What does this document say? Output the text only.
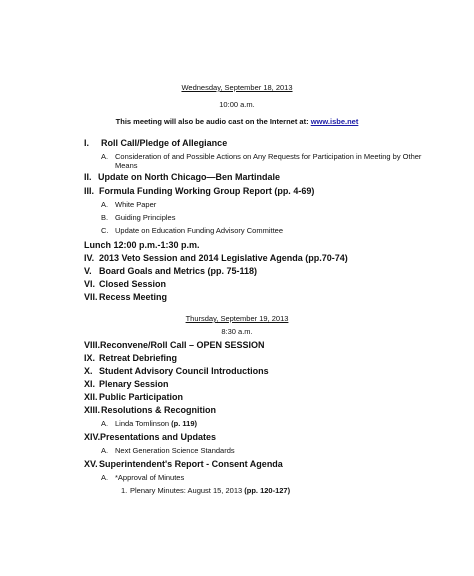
Wednesday, September 18, 2013
10:00 a.m.
This meeting will also be audio cast on the Internet at: www.isbe.net
I. Roll Call/Pledge of Allegiance
A. Consideration of and Possible Actions on Any Requests for Participation in Meeting by Other
Means
II. Update on North Chicago—Ben Martindale
III. Formula Funding Working Group Report (pp. 4-69)
A. White Paper
B. Guiding Principles
C. Update on Education Funding Advisory Committee
Lunch 12:00 p.m.-1:30 p.m.
IV. 2013 Veto Session and 2014 Legislative Agenda (pp.70-74)
V. Board Goals and Metrics (pp. 75-118)
VI. Closed Session
VII. Recess Meeting
Thursday, September 19, 2013
8:30 a.m.
VIII. Reconvene/Roll Call – OPEN SESSION
IX. Retreat Debriefing
X. Student Advisory Council Introductions
XI. Plenary Session
XII. Public Participation
XIII. Resolutions & Recognition
A. Linda Tomlinson (p. 119)
XIV. Presentations and Updates
A. Next Generation Science Standards
XV. Superintendent's Report - Consent Agenda
A. *Approval of Minutes
1. Plenary Minutes: August 15, 2013 (pp. 120-127)
